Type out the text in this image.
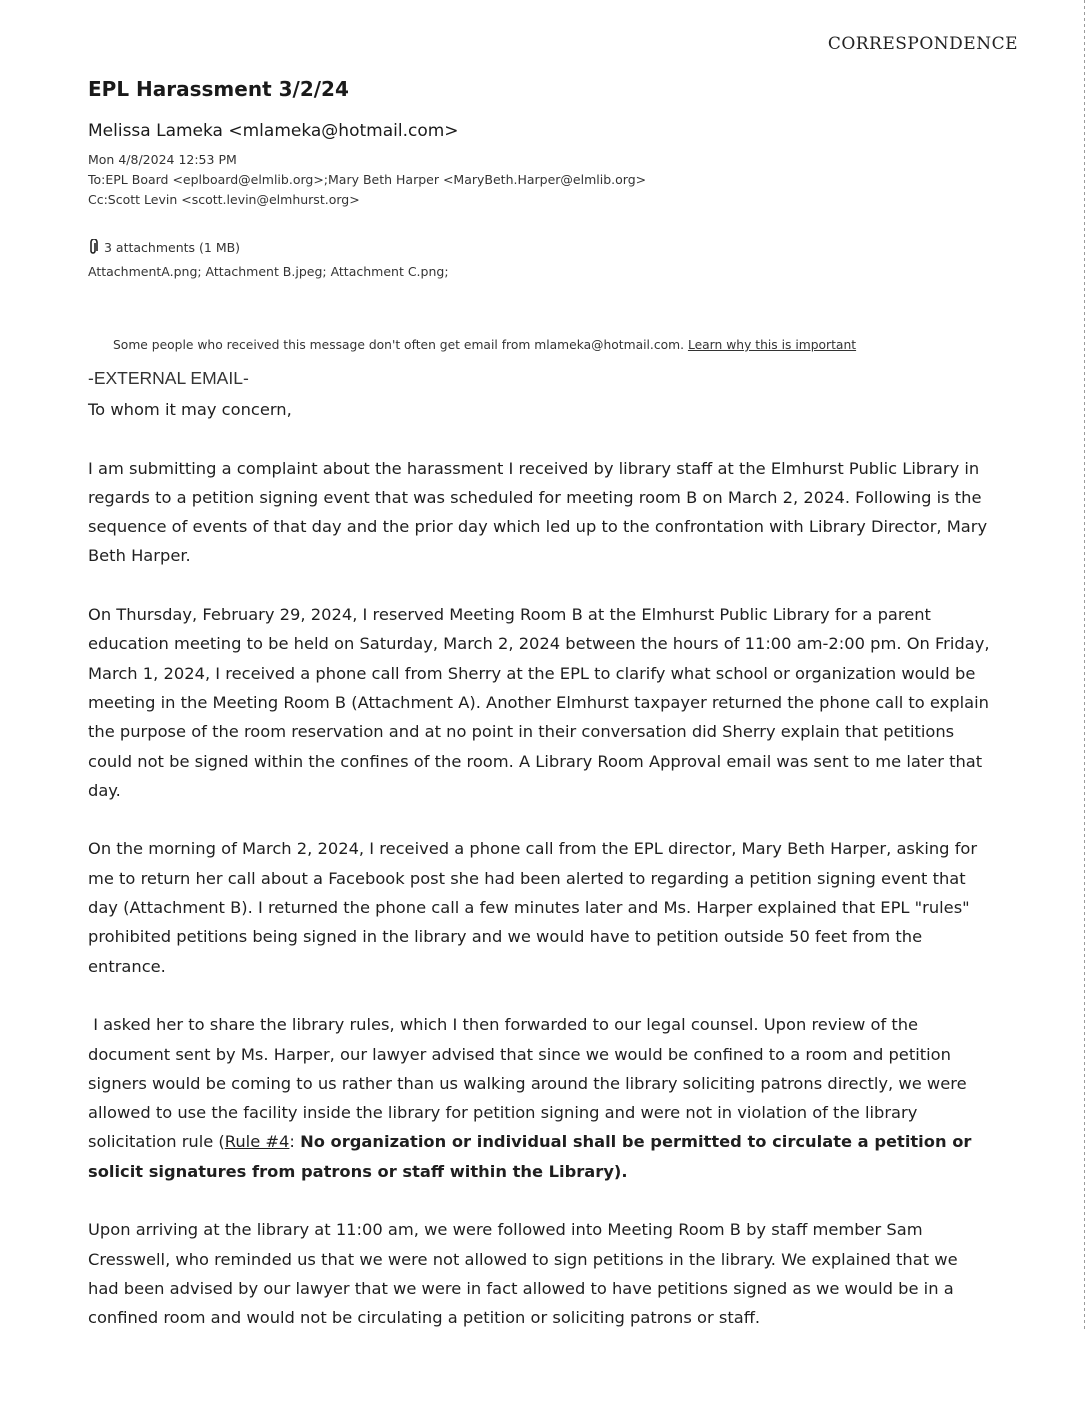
CORRESPONDENCE
EPL Harassment 3/2/24
Melissa Lameka <mlameka@hotmail.com>
Mon 4/8/2024 12:53 PM
To:EPL Board <eplboard@elmlib.org>;Mary Beth Harper <MaryBeth.Harper@elmlib.org>
Cc:Scott Levin <scott.levin@elmhurst.org>
3 attachments (1 MB)
AttachmentA.png; Attachment B.jpeg; Attachment C.png;
Some people who received this message don't often get email from mlameka@hotmail.com. Learn why this is important
-EXTERNAL EMAIL-
To whom it may concern,

I am submitting a complaint about the harassment I received by library staff at the Elmhurst Public Library in regards to a petition signing event that was scheduled for meeting room B on March 2, 2024. Following is the sequence of events of that day and the prior day which led up to the confrontation with Library Director, Mary Beth Harper.

On Thursday, February 29, 2024, I reserved Meeting Room B at the Elmhurst Public Library for a parent education meeting to be held on Saturday, March 2, 2024 between the hours of 11:00 am-2:00 pm. On Friday, March 1, 2024, I received a phone call from Sherry at the EPL to clarify what school or organization would be meeting in the Meeting Room B (Attachment A). Another Elmhurst taxpayer returned the phone call to explain the purpose of the room reservation and at no point in their conversation did Sherry explain that petitions could not be signed within the confines of the room. A Library Room Approval email was sent to me later that day.

On the morning of March 2, 2024, I received a phone call from the EPL director, Mary Beth Harper, asking for me to return her call about a Facebook post she had been alerted to regarding a petition signing event that day (Attachment B). I returned the phone call a few minutes later and Ms. Harper explained that EPL "rules" prohibited petitions being signed in the library and we would have to petition outside 50 feet from the entrance.

I asked her to share the library rules, which I then forwarded to our legal counsel. Upon review of the document sent by Ms. Harper, our lawyer advised that since we would be confined to a room and petition signers would be coming to us rather than us walking around the library soliciting patrons directly, we were allowed to use the facility inside the library for petition signing and were not in violation of the library solicitation rule (Rule #4: No organization or individual shall be permitted to circulate a petition or solicit signatures from patrons or staff within the Library).

Upon arriving at the library at 11:00 am, we were followed into Meeting Room B by staff member Sam Cresswell, who reminded us that we were not allowed to sign petitions in the library. We explained that we had been advised by our lawyer that we were in fact allowed to have petitions signed as we would be in a confined room and would not be circulating a petition or soliciting patrons or staff.
